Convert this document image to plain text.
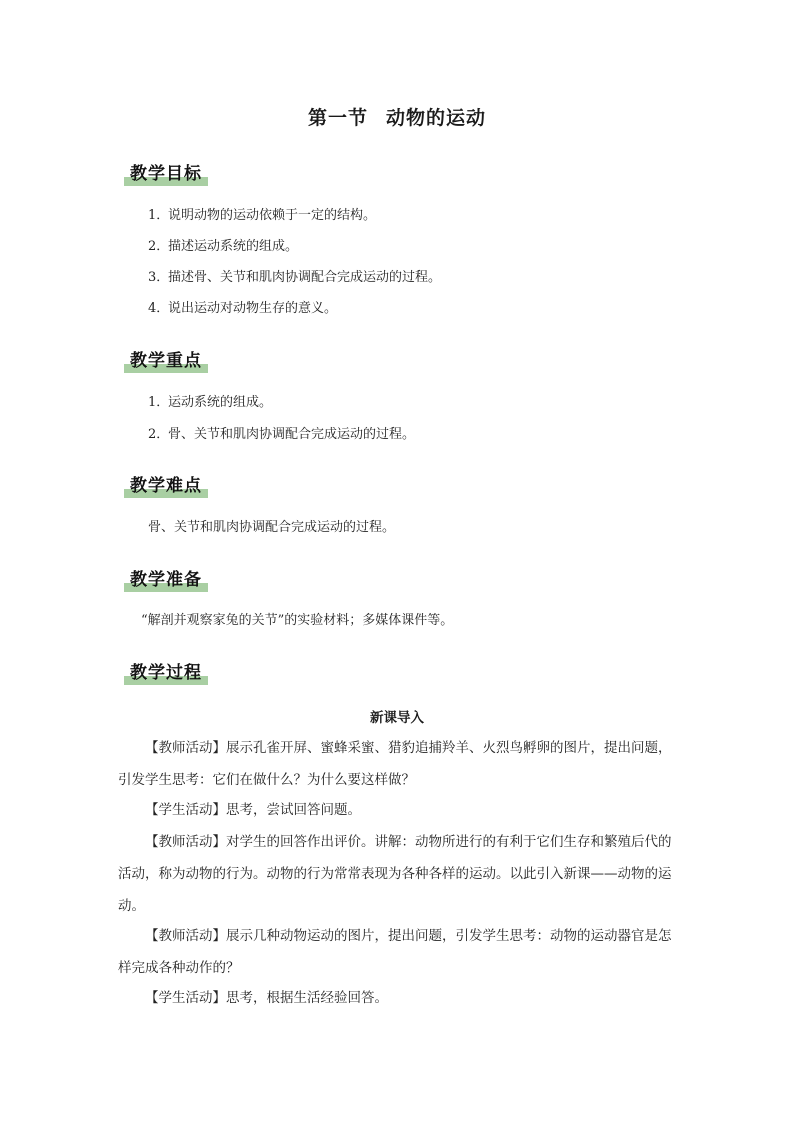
第一节 动物的运动
教学目标
1．说明动物的运动依赖于一定的结构。
2．描述运动系统的组成。
3．描述骨、关节和肌肉协调配合完成运动的过程。
4．说出运动对动物生存的意义。
教学重点
1．运动系统的组成。
2．骨、关节和肌肉协调配合完成运动的过程。
教学难点
骨、关节和肌肉协调配合完成运动的过程。
教学准备
“解剖并观察家兔的关节”的实验材料；多媒体课件等。
教学过程
新课导入

【教师活动】展示孔雀开屏、蜜蜂采蜜、猎豹追捕羚羊、火烈鸟孵卵的图片，提出问题，引发学生思考：它们在做什么？为什么要这样做？

【学生活动】思考，尝试回答问题。

【教师活动】对学生的回答作出评价。讲解：动物所进行的有利于它们生存和繁殖后代的活动，称为动物的行为。动物的行为常常表现为各种各样的运动。以此引入新课——动物的运动。

【教师活动】展示几种动物运动的图片，提出问题，引发学生思考：动物的运动器官是怎样完成各种动作的？

【学生活动】思考，根据生活经验回答。
